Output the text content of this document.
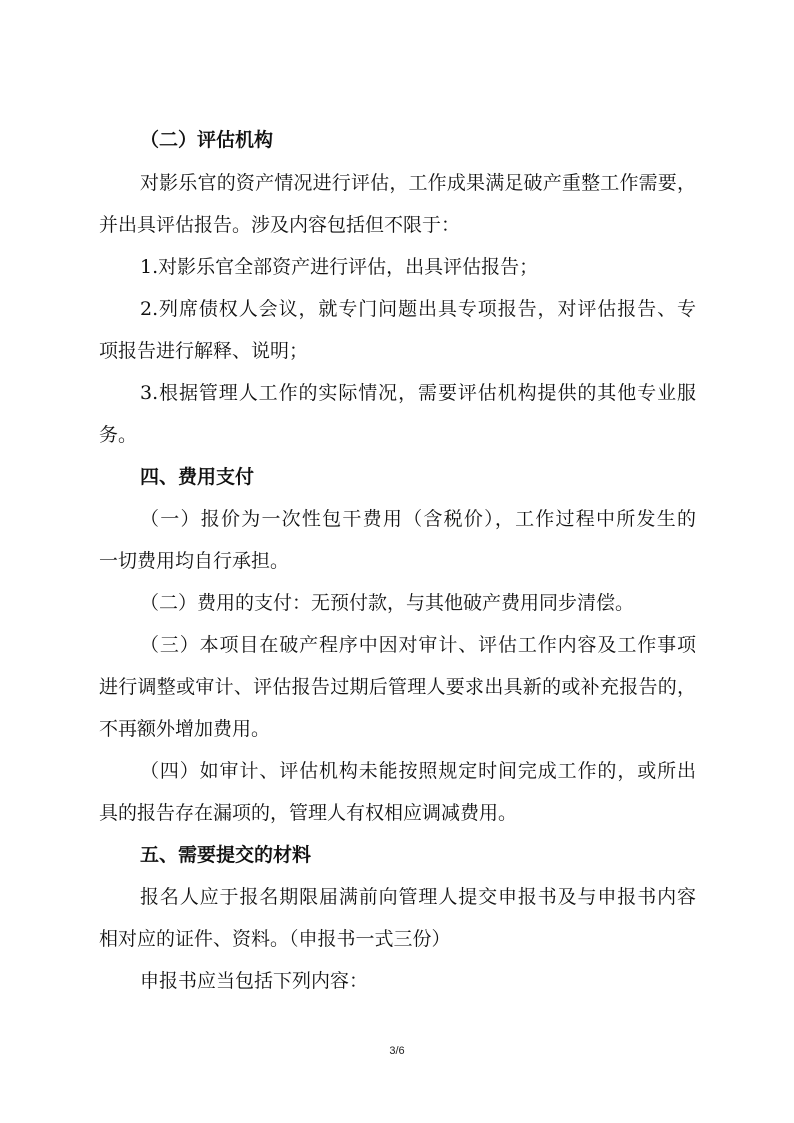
（二）评估机构
对影乐官的资产情况进行评估，工作成果满足破产重整工作需要，
并出具评估报告。涉及内容包括但不限于：
1.对影乐官全部资产进行评估，出具评估报告；
2.列席债权人会议，就专门问题出具专项报告，对评估报告、专
项报告进行解释、说明；
3.根据管理人工作的实际情况，需要评估机构提供的其他专业服
务。
四、费用支付
（一）报价为一次性包干费用（含税价），工作过程中所发生的
一切费用均自行承担。
（二）费用的支付：无预付款，与其他破产费用同步清偿。
（三）本项目在破产程序中因对审计、评估工作内容及工作事项
进行调整或审计、评估报告过期后管理人要求出具新的或补充报告的，
不再额外增加费用。
（四）如审计、评估机构未能按照规定时间完成工作的，或所出
具的报告存在漏项的，管理人有权相应调减费用。
五、需要提交的材料
报名人应于报名期限届满前向管理人提交申报书及与申报书内容
相对应的证件、资料。（申报书一式三份）
申报书应当包括下列内容：
3/6
